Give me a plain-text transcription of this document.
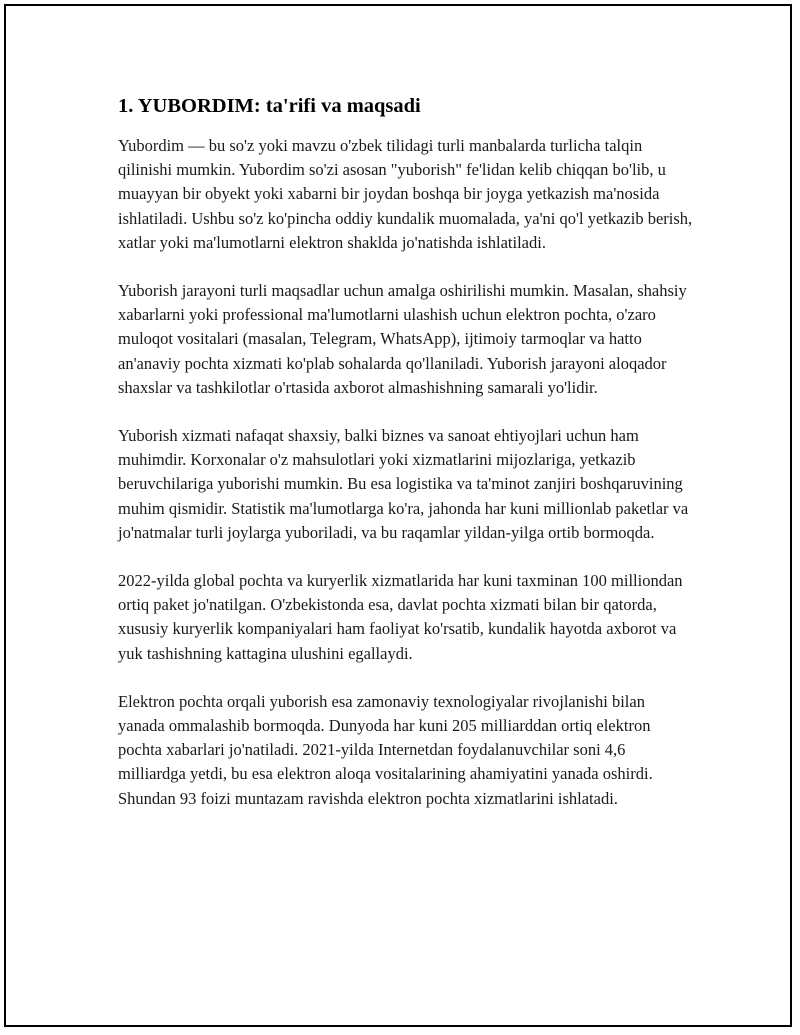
1. YUBORDIM: ta'rifi va maqsadi

Yubordim — bu so'z yoki mavzu o'zbek tilidagi turli manbalarda turlicha talqin qilinishi mumkin. Yubordim so'zi asosan "yuborish" fe'lidan kelib chiqqan bo'lib, u muayyan bir obyekt yoki xabarni bir joydan boshqa bir joyga yetkazish ma'nosida ishlatiladi. Ushbu so'z ko'pincha oddiy kundalik muomalada, ya'ni qo'l yetkazib berish, xatlar yoki ma'lumotlarni elektron shaklda jo'natishda ishlatiladi.

Yuborish jarayoni turli maqsadlar uchun amalga oshirilishi mumkin. Masalan, shahsiy xabarlarni yoki professional ma'lumotlarni ulashish uchun elektron pochta, o'zaro muloqot vositalari (masalan, Telegram, WhatsApp), ijtimoiy tarmoqlar va hatto an'anaviy pochta xizmati ko'plab sohalarda qo'llaniladi. Yuborish jarayoni aloqador shaxslar va tashkilotlar o'rtasida axborot almashishning samarali yo'lidir.

Yuborish xizmati nafaqat shaxsiy, balki biznes va sanoat ehtiyojlari uchun ham muhimdir. Korxonalar o'z mahsulotlari yoki xizmatlarini mijozlariga, yetkazib beruvchilariga yuborishi mumkin. Bu esa logistika va ta'minot zanjiri boshqaruvining muhim qismidir. Statistik ma'lumotlarga ko'ra, jahonda har kuni millionlab paketlar va jo'natmalar turli joylarga yuboriladi, va bu raqamlar yildan-yilga ortib bormoqda.

2022-yilda global pochta va kuryerlik xizmatlarida har kuni taxminan 100 milliondan ortiq paket jo'natilgan. O'zbekistonda esa, davlat pochta xizmati bilan bir qatorda, xususiy kuryerlik kompaniyalari ham faoliyat ko'rsatib, kundalik hayotda axborot va yuk tashishning kattagina ulushini egallaydi.

Elektron pochta orqali yuborish esa zamonaviy texnologiyalar rivojlanishi bilan yanada ommalashib bormoqda. Dunyoda har kuni 205 milliarddan ortiq elektron pochta xabarlari jo'natiladi. 2021-yilda Internetdan foydalanuvchilar soni 4,6 milliardga yetdi, bu esa elektron aloqa vositalarining ahamiyatini yanada oshirdi. Shundan 93 foizi muntazam ravishda elektron pochta xizmatlarini ishlatadi.
